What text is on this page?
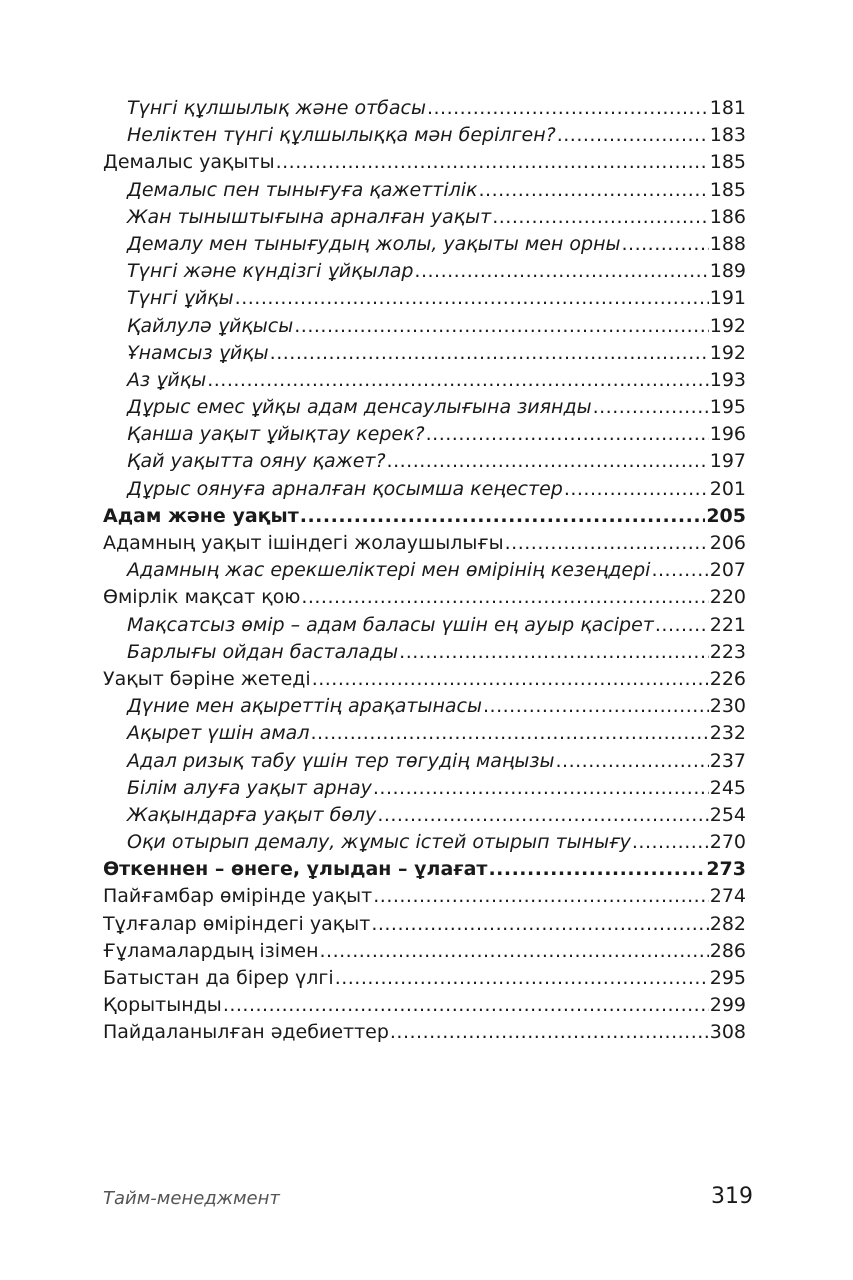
Түнгі құлшылық және отбасы .....	181
Неліктен түнгі құлшылыққа мән берілген? .....	183
Демалыс уақыты .....	185
Демалыс пен тынығуға қажеттілік .....	185
Жан тыныштығына арналған уақыт .....	186
Демалу мен тынығудың жолы, уақыты мен орны .....	188
Түнгі және күндізгі ұйқылар .....	189
Түнгі ұйқы .....	191
Қайлулә ұйқысы .....	192
Ұнамсыз ұйқы .....	192
Аз ұйқы .....	193
Дұрыс емес ұйқы адам денсаулығына зиянды .....	195
Қанша уақыт ұйықтау керек? .....	196
Қай уақытта ояну қажет? .....	197
Дұрыс оянуға арналған қосымша кеңестер .....	201
Адам және уақыт .....	205
Адамның уақыт ішіндегі жолаушылығы .....	206
Адамның жас ерекшеліктері мен өмірінің кезеңдері .....	207
Өмірлік мақсат қою .....	220
Мақсатсыз өмір – адам баласы үшін ең ауыр қасірет .....	221
Барлығы ойдан басталады .....	223
Уақыт бәріне жетеді .....	226
Дүние мен ақыреттің арақатынасы .....	230
Ақырет үшін амал .....	232
Адал ризық табу үшін тер төгудің маңызы .....	237
Білім алуға уақыт арнау .....	245
Жақындарға уақыт бөлу .....	254
Оқи отырып демалу, жұмыс істей отырып тынығу .....	270
Өткеннен – өнеге, ұлыдан – ұлағат .....	273
Пайғамбар өмірінде уақыт .....	274
Тұлғалар өміріндегі уақыт .....	282
Ғұламалардың ізімен .....	286
Батыстан да бірер үлгі .....	295
Қорытынды .....	299
Пайдаланылған әдебиеттер .....	308
Тайм-менеджмент	319
